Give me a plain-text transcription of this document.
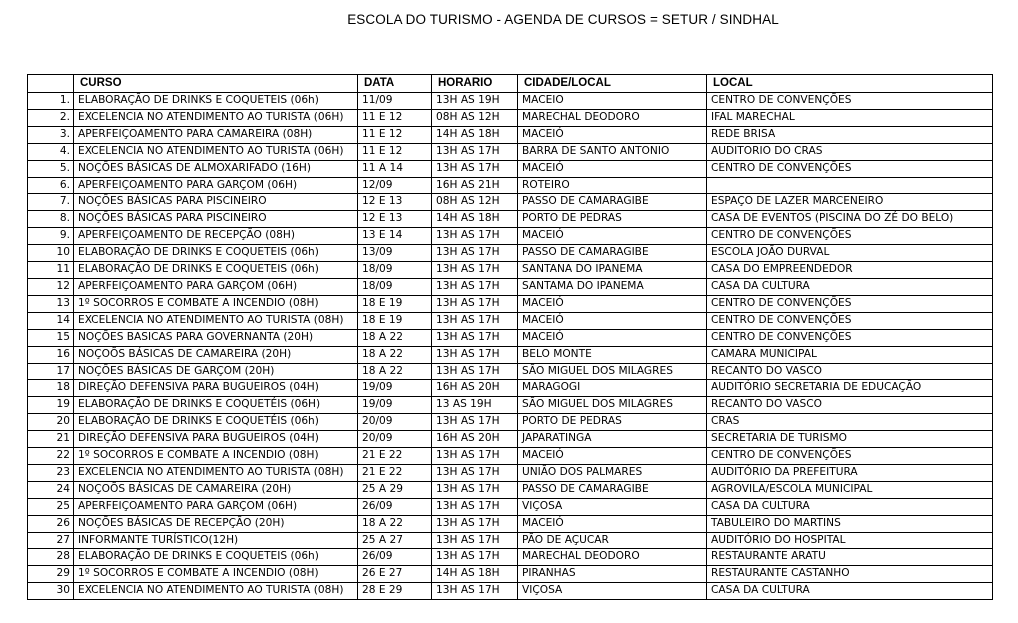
ESCOLA DO TURISMO - AGENDA DE CURSOS = SETUR / SINDHAL
	CURSO	DATA	HORARIO	CIDADE/LOCAL	LOCAL
1.	ELABORAÇÃO DE DRINKS E COQUETEIS (06h)	11/09	13H AS 19H	MACEIO	CENTRO DE CONVENÇÕES
2.	EXCELENCIA NO ATENDIMENTO AO TURISTA (06H)	11 E 12	08H AS 12H	MARECHAL DEODORO	IFAL MARECHAL
3.	APERFEIÇOAMENTO PARA CAMAREIRA (08H)	11 E 12	14H AS 18H	MACEIÓ	REDE BRISA
4.	EXCELENCIA NO ATENDIMENTO AO TURISTA (06H)	11 E 12	13H AS 17H	BARRA DE SANTO ANTONIO	AUDITORIO DO CRAS
5.	NOÇÕES BÁSICAS DE ALMOXARIFADO (16H)	11 A 14	13H AS 17H	MACEIÓ	CENTRO DE CONVENÇÕES
6.	APERFEIÇOAMENTO PARA GARÇOM (06H)	12/09	16H AS 21H	ROTEIRO	
7.	NOÇÕES BÁSICAS PARA PISCINEIRO	12 E 13	08H AS 12H	PASSO DE CAMARAGIBE	ESPAÇO DE LAZER MARCENEIRO
8.	NOÇÕES BÁSICAS PARA PISCINEIRO	12 E 13	14H AS 18H	PORTO DE PEDRAS	CASA DE EVENTOS (PISCINA DO ZÉ DO BELO)
9.	APERFEIÇOAMENTO DE RECEPÇÃO (08H)	13 E 14	13H AS 17H	MACEIÓ	CENTRO DE CONVENÇÕES
10	ELABORAÇÃO DE DRINKS E COQUETEIS (06h)	13/09	13H AS 17H	PASSO DE CAMARAGIBE	ESCOLA JOÃO DURVAL
11	ELABORAÇÃO DE DRINKS E COQUETEIS (06h)	18/09	13H AS 17H	SANTANA DO IPANEMA	CASA DO EMPREENDEDOR
12	APERFEIÇOAMENTO PARA GARÇOM (06H)	18/09	13H AS 17H	SANTAMA DO IPANEMA	CASA DA CULTURA
13	1º SOCORROS E COMBATE A INCENDIO (08H)	18 E 19	13H AS 17H	MACEIÓ	CENTRO DE CONVENÇÕES
14	EXCELENCIA NO ATENDIMENTO AO TURISTA (08H)	18 E 19	13H AS 17H	MACEIÓ	CENTRO DE CONVENÇÕES
15	NOÇÕES BASICAS PARA GOVERNANTA (20H)	18 A 22	13H AS 17H	MACEIÓ	CENTRO DE CONVENÇÕES
16	NOÇOÕS BÁSICAS DE CAMAREIRA (20H)	18 A 22	13H AS 17H	BELO MONTE	CAMARA MUNICIPAL
17	NOÇÕES BÁSICAS DE GARÇOM (20H)	18 A 22	13H AS 17H	SÃO MIGUEL DOS MILAGRES	RECANTO DO VASCO
18	DIREÇÃO DEFENSIVA PARA BUGUEIROS (04H)	19/09	16H AS 20H	MARAGOGI	AUDITÓRIO SECRETARIA DE EDUCAÇÃO
19	ELABORAÇÃO DE DRINKS E COQUETÉIS (06H)	19/09	13 AS 19H	SÃO MIGUEL DOS MILAGRES	RECANTO DO VASCO
20	ELABORAÇÃO DE DRINKS E COQUETÉIS (06h)	20/09	13H AS 17H	PORTO DE PEDRAS	CRAS
21	DIREÇÃO DEFENSIVA PARA BUGUEIROS (04H)	20/09	16H AS 20H	JAPARATINGA	SECRETARIA DE TURISMO
22	1º SOCORROS E COMBATE A INCENDIO (08H)	21 E 22	13H AS 17H	MACEIÓ	CENTRO DE CONVENÇÕES
23	EXCELENCIA NO ATENDIMENTO AO TURISTA (08H)	21 E 22	13H AS 17H	UNIÃO DOS PALMARES	AUDITÓRIO DA PREFEITURA
24	NOÇOÕS BÁSICAS DE CAMAREIRA (20H)	25 A 29	13H AS 17H	PASSO DE CAMARAGIBE	AGROVILA/ESCOLA MUNICIPAL
25	APERFEIÇOAMENTO PARA GARÇOM (06H)	26/09	13H AS 17H	VIÇOSA	CASA DA CULTURA
26	NOÇÕES BÁSICAS DE RECEPÇÃO (20H)	18 A 22	13H AS 17H	MACEIÓ	TABULEIRO DO MARTINS
27	INFORMANTE TURÍSTICO(12H)	25 A 27	13H AS 17H	PÃO DE AÇUCAR	AUDITÓRIO DO HOSPITAL
28	ELABORAÇÃO DE DRINKS E COQUETEIS (06h)	26/09	13H AS 17H	MARECHAL DEODORO	RESTAURANTE ARATU
29	1º SOCORROS E COMBATE A INCENDIO (08H)	26 E 27	14H AS 18H	PIRANHAS	RESTAURANTE CASTANHO
30	EXCELENCIA NO ATENDIMENTO AO TURISTA (08H)	28 E 29	13H AS 17H	VIÇOSA	CASA DA CULTURA
